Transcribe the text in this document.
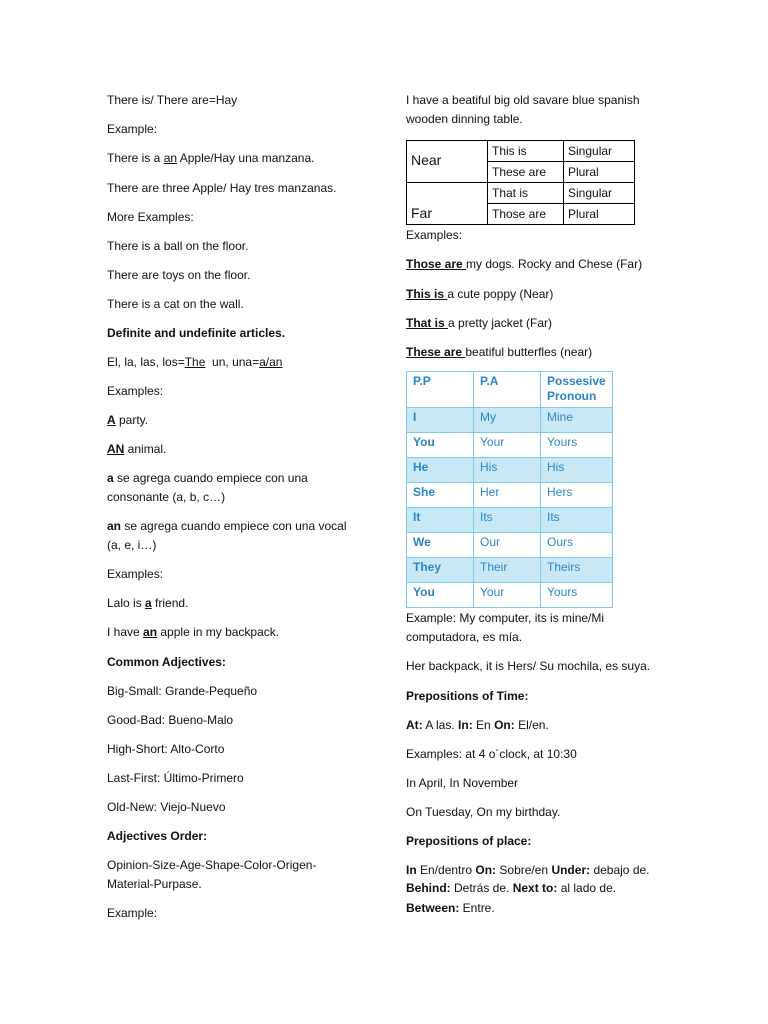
There is/ There are=Hay
Example:
There is a an Apple/Hay una manzana.
There are three Apple/ Hay tres manzanas.
More Examples:
There is a ball on the floor.
There are toys on the floor.
There is a cat on the wall.
Definite and undefinite articles.
El, la, las, los=The  un, una=a/an
Examples:
A party.
AN animal.
a se agrega cuando empiece con una consonante (a, b, c…)
an se agrega cuando empiece con una vocal (a, e, i…)
Examples:
Lalo is a friend.
I have an apple in my backpack.
Common Adjectives:
Big-Small: Grande-Pequeño
Good-Bad: Bueno-Malo
High-Short: Alto-Corto
Last-First: Último-Primero
Old-New: Viejo-Nuevo
Adjectives Order:
Opinion-Size-Age-Shape-Color-Origen-Material-Purpase.
Example:
I have a beatiful big old savare blue spanish wooden dinning table.
Near	This is	Singular
	These are	Plural
Far	That is	Singular
	Those are	Plural
Examples:
Those are my dogs. Rocky and Chese (Far)
This is a cute poppy (Near)
That is a pretty jacket (Far)
These are beatiful butterfles (near)
P.P	P.A	Possesive Pronoun
I	My	Mine
You	Your	Yours
He	His	His
She	Her	Hers
It	Its	Its
We	Our	Ours
They	Their	Theirs
You	Your	Yours
Example: My computer, its is mine/Mi computadora, es mía.
Her backpack, it is Hers/ Su mochila, es suya.
Prepositions of Time:
At: A las. In: En On: El/en.
Examples: at 4 o´clock, at 10:30
In April, In November
On Tuesday, On my birthday.
Prepositions of place:
In En/dentro On: Sobre/en Under: debajo de.
Behind: Detrás de. Next to: al lado de.
Between: Entre.
